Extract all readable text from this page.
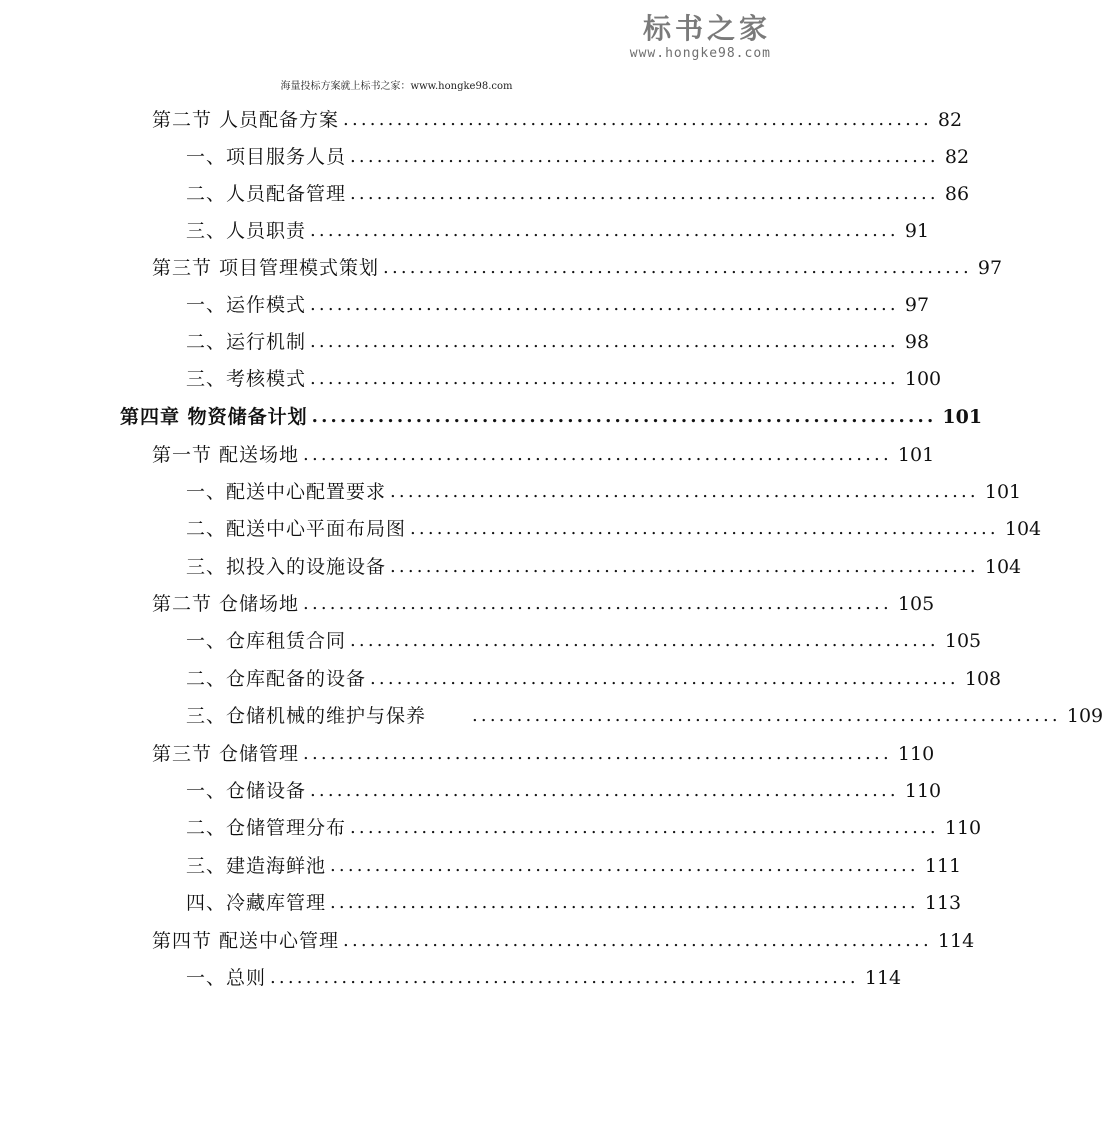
标书之家
www.hongke98.com
海量投标方案就上标书之家：www.hongke98.com
第二节 人员配备方案 .................................................................. 82
一、项目服务人员 .................................................................. 82
二、人员配备管理 .................................................................. 86
三、人员职责 .................................................................. 91
第三节 项目管理模式策划 .................................................................. 97
一、运作模式 .................................................................. 97
二、运行机制 .................................................................. 98
三、考核模式 .................................................................. 100
第四章 物资储备计划 .................................................................. 101
第一节 配送场地 .................................................................. 101
一、配送中心配置要求 .................................................................. 101
二、配送中心平面布局图 .................................................................. 104
三、拟投入的设施设备 .................................................................. 104
第二节 仓储场地 .................................................................. 105
一、仓库租赁合同 .................................................................. 105
二、仓库配备的设备 .................................................................. 108
三、仓储机械的维护与保养	.................................................................. 109
第三节 仓储管理 .................................................................. 110
一、仓储设备 .................................................................. 110
二、仓储管理分布 .................................................................. 110
三、建造海鲜池 .................................................................. 111
四、冷藏库管理 .................................................................. 113
第四节 配送中心管理 .................................................................. 114
一、总则 .................................................................. 114
